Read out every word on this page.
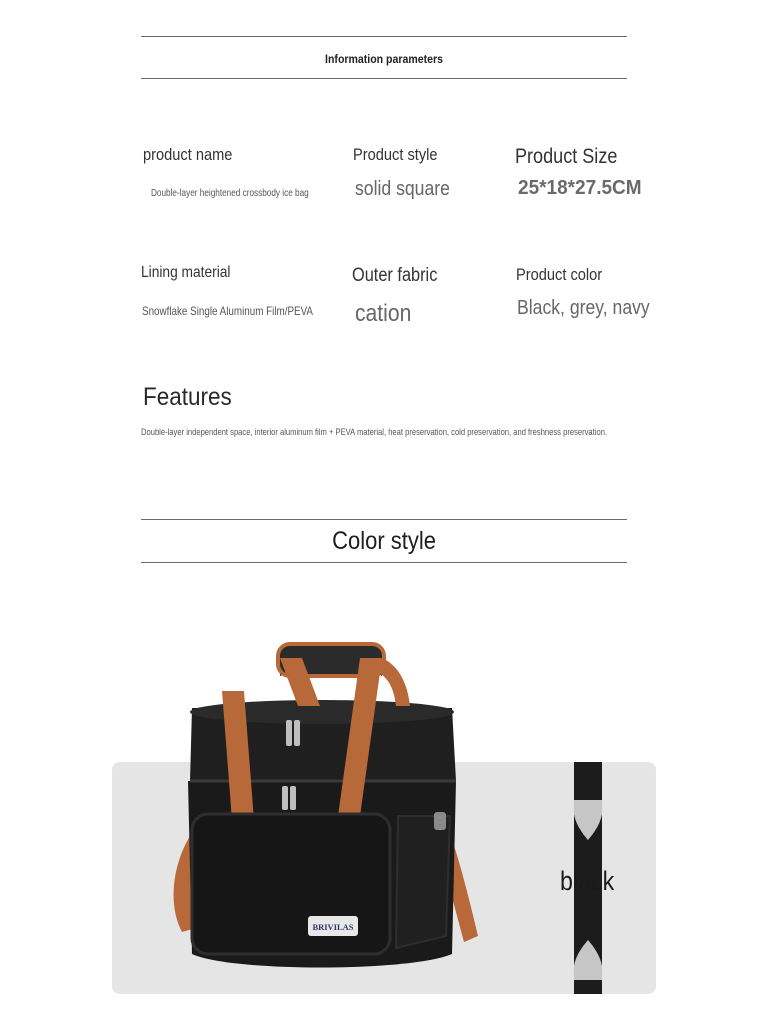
Information parameters
product name
Double-layer heightened crossbody ice bag
Product style
solid square
Product Size
25*18*27.5CM
Lining material
Snowflake Single Aluminum Film/PEVA
Outer fabric
cation
Product color
Black, grey, navy
Features
Double-layer independent space, interior aluminum film + PEVA material, heat preservation, cold preservation, and freshness preservation.
Color style
black
BRIVILAS
